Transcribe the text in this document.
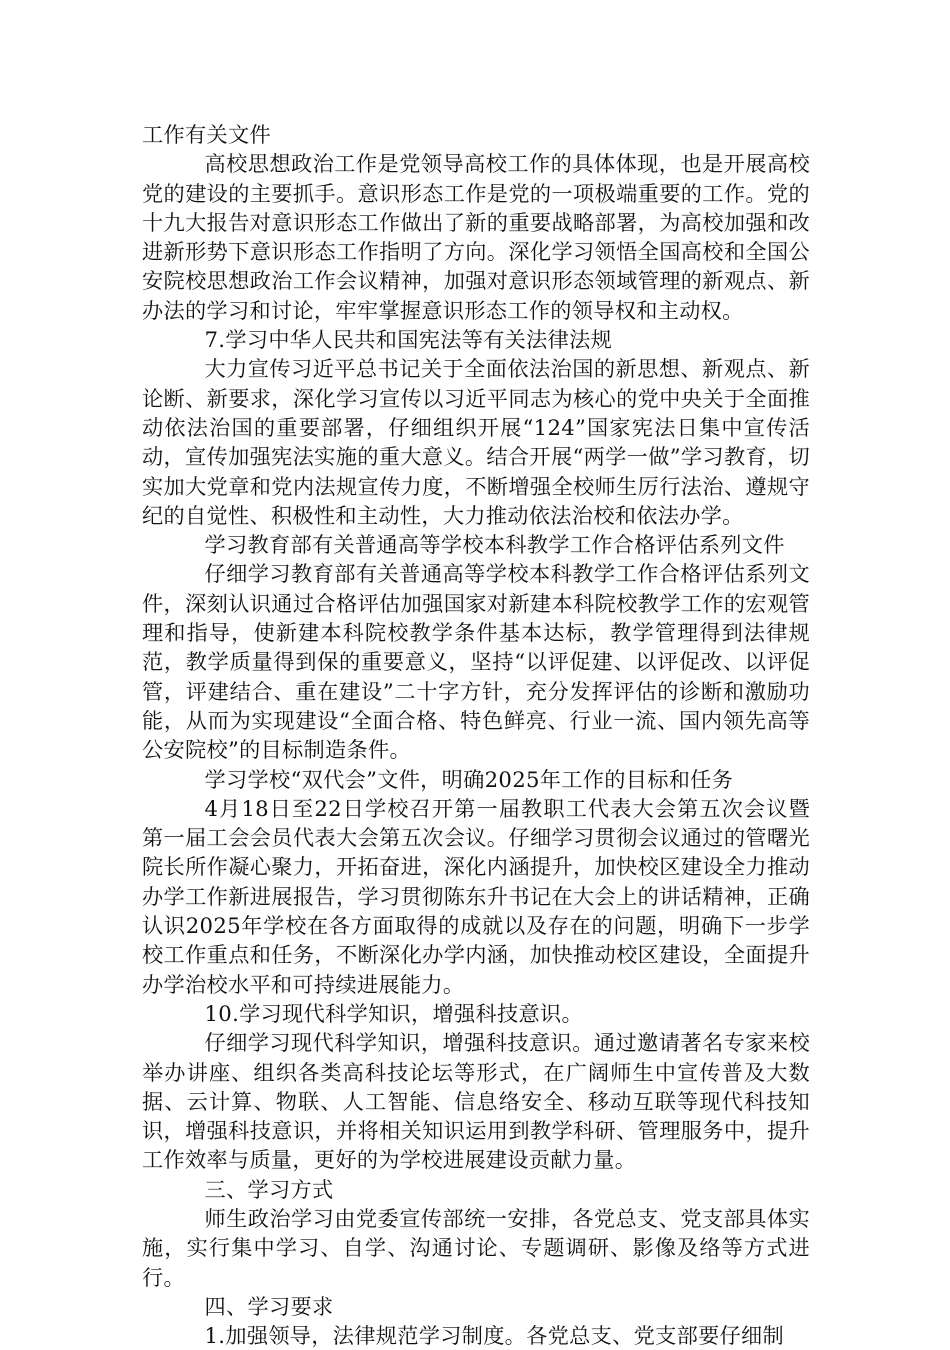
工作有关文件

高校思想政治工作是党领导高校工作的具体体现，也是开展高校党的建设的主要抓手。意识形态工作是党的一项极端重要的工作。党的十九大报告对意识形态工作做出了新的重要战略部署，为高校加强和改进新形势下意识形态工作指明了方向。深化学习领悟全国高校和全国公安院校思想政治工作会议精神，加强对意识形态领域管理的新观点、新办法的学习和讨论，牢牢掌握意识形态工作的领导权和主动权。

7.学习中华人民共和国宪法等有关法律法规

大力宣传习近平总书记关于全面依法治国的新思想、新观点、新论断、新要求，深化学习宣传以习近平同志为核心的党中央关于全面推动依法治国的重要部署，仔细组织开展“124”国家宪法日集中宣传活动，宣传加强宪法实施的重大意义。结合开展“两学一做”学习教育，切实加大党章和党内法规宣传力度，不断增强全校师生厉行法治、遵规守纪的自觉性、积极性和主动性，大力推动依法治校和依法办学。

学习教育部有关普通高等学校本科教学工作合格评估系列文件

仔细学习教育部有关普通高等学校本科教学工作合格评估系列文件，深刻认识通过合格评估加强国家对新建本科院校教学工作的宏观管理和指导，使新建本科院校教学条件基本达标，教学管理得到法律规范，教学质量得到保的重要意义，坚持“以评促建、以评促改、以评促管，评建结合、重在建设”二十字方针，充分发挥评估的诊断和激励功能，从而为实现建设“全面合格、特色鲜亮、行业一流、国内领先高等公安院校”的目标制造条件。

学习学校“双代会”文件，明确2025年工作的目标和任务

4月18日至22日学校召开第一届教职工代表大会第五次会议暨第一届工会会员代表大会第五次会议。仔细学习贯彻会议通过的管曙光院长所作凝心聚力，开拓奋进，深化内涵提升，加快校区建设全力推动办学工作新进展报告，学习贯彻陈东升书记在大会上的讲话精神，正确认识2025年学校在各方面取得的成就以及存在的问题，明确下一步学校工作重点和任务，不断深化办学内涵，加快推动校区建设，全面提升办学治校水平和可持续进展能力。

10.学习现代科学知识，增强科技意识。

仔细学习现代科学知识，增强科技意识。通过邀请著名专家来校举办讲座、组织各类高科技论坛等形式，在广阔师生中宣传普及大数据、云计算、物联、人工智能、信息络安全、移动互联等现代科技知识，增强科技意识，并将相关知识运用到教学科研、管理服务中，提升工作效率与质量，更好的为学校进展建设贡献力量。

三、学习方式

师生政治学习由党委宣传部统一安排，各党总支、党支部具体实施，实行集中学习、自学、沟通讨论、专题调研、影像及络等方式进行。

四、学习要求

1.加强领导，法律规范学习制度。各党总支、党支部要仔细制
